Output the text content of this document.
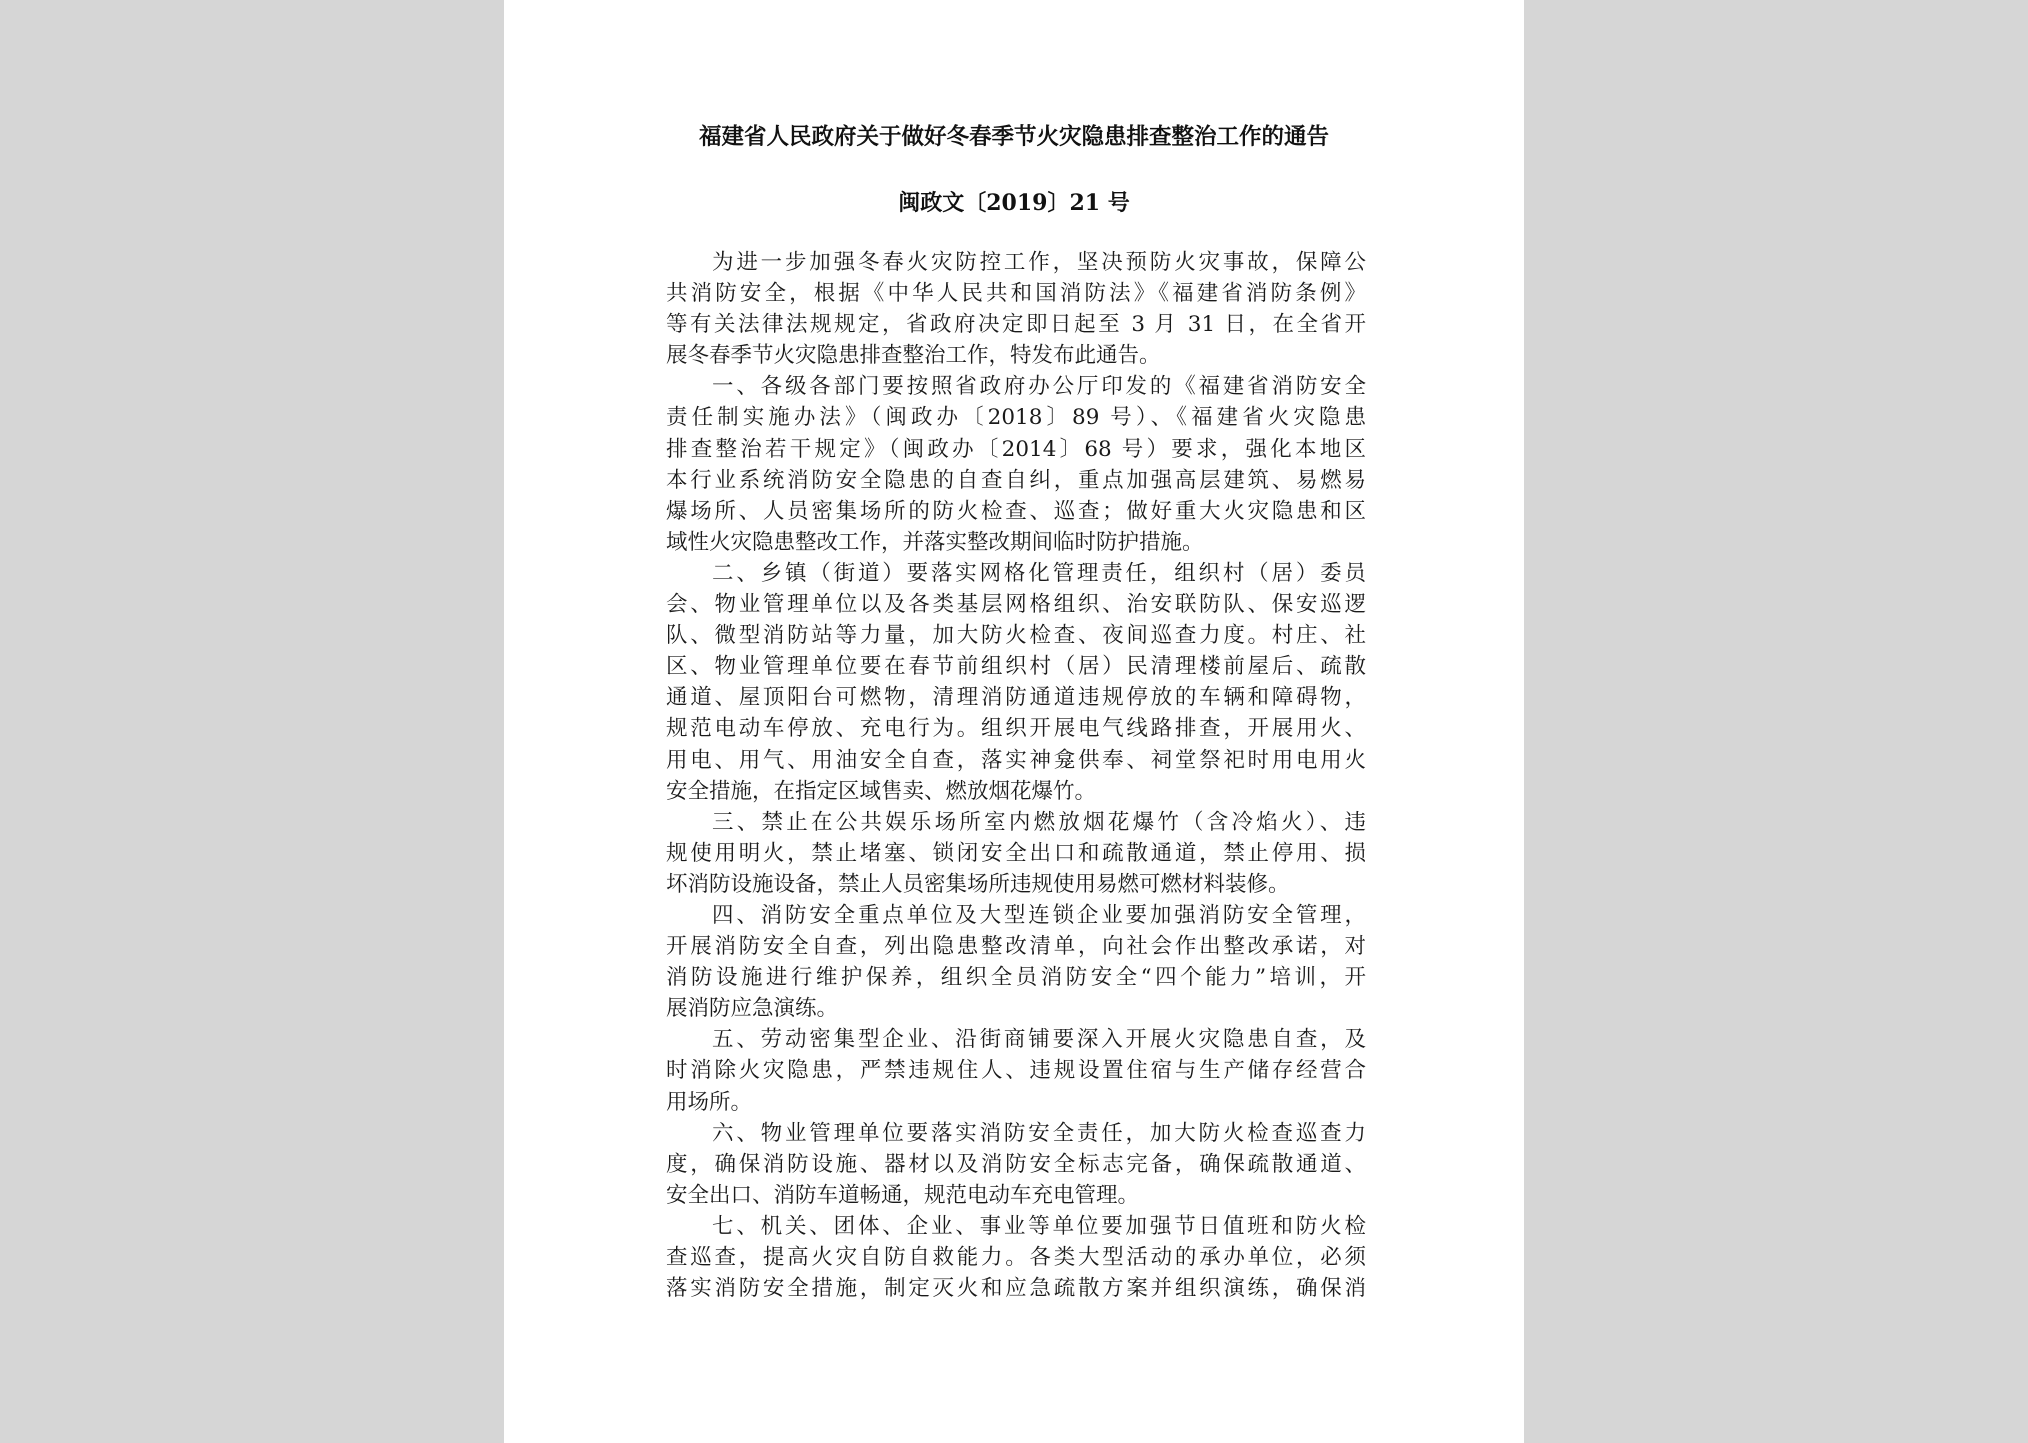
福建省人民政府关于做好冬春季节火灾隐患排查整治工作的通告
闽政文〔2019〕21 号
为进一步加强冬春火灾防控工作，坚决预防火灾事故，保障公
共消防安全，根据《中华人民共和国消防法》《福建省消防条例》
等有关法律法规规定，省政府决定即日起至 3 月 31 日，在全省开
展冬春季节火灾隐患排查整治工作，特发布此通告。
一、各级各部门要按照省政府办公厅印发的《福建省消防安全
责任制实施办法》（闽政办〔2018〕89 号）、《福建省火灾隐患
排查整治若干规定》（闽政办〔2014〕68 号）要求，强化本地区
本行业系统消防安全隐患的自查自纠，重点加强高层建筑、易燃易
爆场所、人员密集场所的防火检查、巡查；做好重大火灾隐患和区
域性火灾隐患整改工作，并落实整改期间临时防护措施。
二、乡镇（街道）要落实网格化管理责任，组织村（居）委员
会、物业管理单位以及各类基层网格组织、治安联防队、保安巡逻
队、微型消防站等力量，加大防火检查、夜间巡查力度。村庄、社
区、物业管理单位要在春节前组织村（居）民清理楼前屋后、疏散
通道、屋顶阳台可燃物，清理消防通道违规停放的车辆和障碍物，
规范电动车停放、充电行为。组织开展电气线路排查，开展用火、
用电、用气、用油安全自查，落实神龛供奉、祠堂祭祀时用电用火
安全措施，在指定区域售卖、燃放烟花爆竹。
三、禁止在公共娱乐场所室内燃放烟花爆竹（含冷焰火）、违
规使用明火，禁止堵塞、锁闭安全出口和疏散通道，禁止停用、损
坏消防设施设备，禁止人员密集场所违规使用易燃可燃材料装修。
四、消防安全重点单位及大型连锁企业要加强消防安全管理，
开展消防安全自查，列出隐患整改清单，向社会作出整改承诺，对
消防设施进行维护保养，组织全员消防安全“四个能力”培训，开
展消防应急演练。
五、劳动密集型企业、沿街商铺要深入开展火灾隐患自查，及
时消除火灾隐患，严禁违规住人、违规设置住宿与生产储存经营合
用场所。
六、物业管理单位要落实消防安全责任，加大防火检查巡查力
度，确保消防设施、器材以及消防安全标志完备，确保疏散通道、
安全出口、消防车道畅通，规范电动车充电管理。
七、机关、团体、企业、事业等单位要加强节日值班和防火检
查巡查，提高火灾自防自救能力。各类大型活动的承办单位，必须
落实消防安全措施，制定灭火和应急疏散方案并组织演练，确保消
